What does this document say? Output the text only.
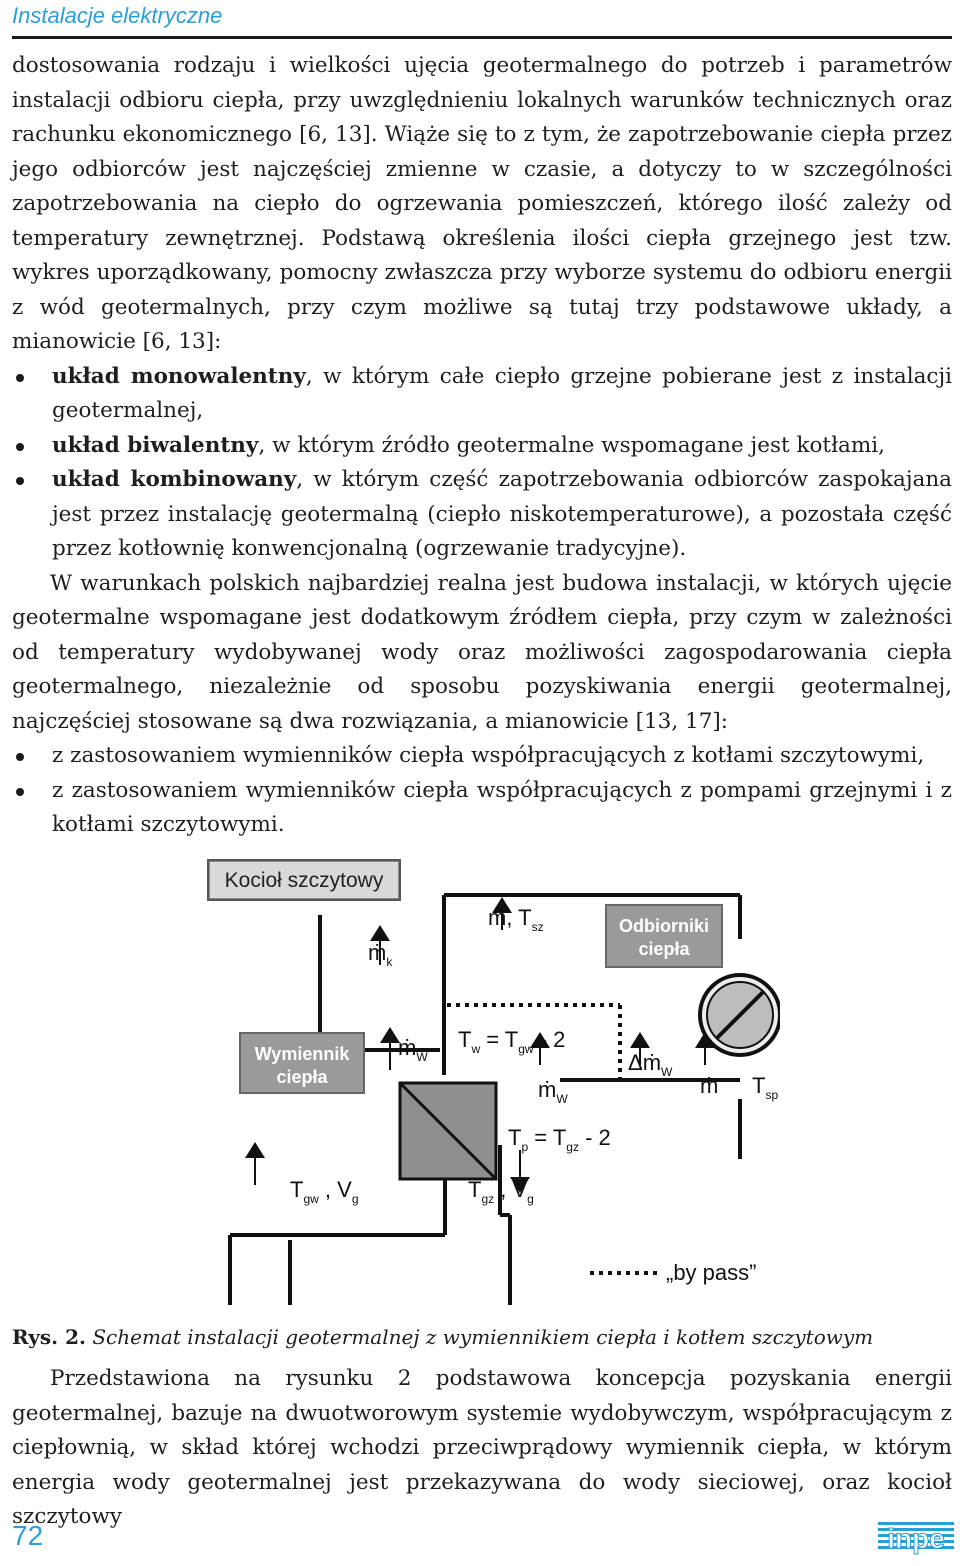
Instalacje elektryczne

dostosowania rodzaju i wielkości ujęcia geotermalnego do potrzeb i parametrów instalacji odbioru ciepła, przy uwzględnieniu lokalnych warunków technicznych oraz rachunku ekonomicznego [6, 13]. Wiąże się to z tym, że zapotrzebowanie ciepła przez jego odbiorców jest najczęściej zmienne w czasie, a dotyczy to w szczególności zapotrzebowania na ciepło do ogrzewania pomieszczeń, którego ilość zależy od temperatury zewnętrznej. Podstawą określenia ilości ciepła grzejnego jest tzw. wykres uporządkowany, pomocny zwłaszcza przy wyborze systemu do odbioru energii z wód geotermalnych, przy czym możliwe są tutaj trzy podstawowe układy, a mianowicie [6, 13]:

układ monowalentny, w którym całe ciepło grzejne pobierane jest z instalacji geotermalnej,
układ biwalentny, w którym źródło geotermalne wspomagane jest kotłami,
układ kombinowany, w którym część zapotrzebowania odbiorców zaspokajana jest przez instalację geotermalną (ciepło niskotemperaturowe), a pozostała część przez kotłownię konwencjonalną (ogrzewanie tradycyjne).

W warunkach polskich najbardziej realna jest budowa instalacji, w których ujęcie geotermalne wspomagane jest dodatkowym źródłem ciepła, przy czym w zależności od temperatury wydobywanej wody oraz możliwości zagospodarowania ciepła geotermalnego, niezależnie od sposobu pozyskiwania energii geotermalnej, najczęściej stosowane są dwa rozwiązania, a mianowicie [13, 17]:

z zastosowaniem wymienników ciepła współpracujących z kotłami szczytowymi,
z zastosowaniem wymienników ciepła współpracujących z pompami grzejnymi i z kotłami szczytowymi.
Kocioł szczytowy
Odbiorniki
ciepła
Wymiennik
ciepła
ṁ$_k$
ṁ, $T_{sz}$
ṁ$_W$
$T_w = T_{gw} - 2$
Δṁ$_W$
ṁ$_W$
ṁ $T_{sp}$
$T_p = T_{gz} - 2$
$T_{gw}$ , $V_g$	$T_{gz}$ , $V_g$
„by pass”
Rys. 2. Schemat instalacji geotermalnej z wymiennikiem ciepła i kotłem szczytowym

Przedstawiona na rysunku 2 podstawowa koncepcja pozyskania energii geotermalnej, bazuje na dwuotworowym systemie wydobywczym, współpracującym z ciepłownią, w skład której wchodzi przeciwprądowy wymiennik ciepła, w którym energia wody geotermalnej jest przekazywana do wody sieciowej, oraz kocioł szczytowy

72	inpe
